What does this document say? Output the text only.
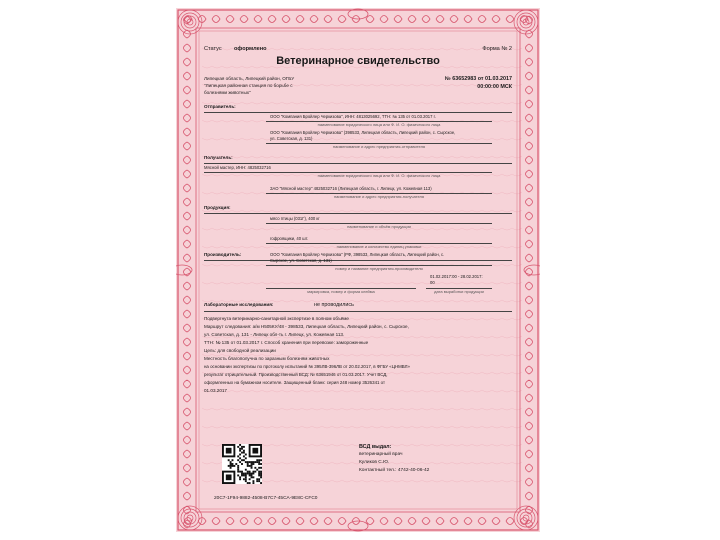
Статус оформлено	Форма № 2
Ветеринарное свидетельство
Липецкая область, Липецкий район, ОГБУ
"Липецкая районная станция по борьбе с
болезнями животных"
№ 63652983 от 01.03.2017
00:00:00 МСК
Отправитель:
ООО "Компания Бройлер Черкизова", ИНН: 4813025692, ТТН: № 135 от 01.03.2017 г.
наименование юридического лица или Ф. И. О. физического лица
ООО "Компания Бройлер Черкизова" (398533, Липецкая область, Липецкий район, с. Сырское,
ул. Советская, д. 131)
наименование и адрес предприятия-отправителя
Получатель:
Мясной мастер, ИНН: 4825032716
наименование юридического лица или Ф. И. О. физического лица
ЗАО "Мясной мастер" 4825032716 (Липецкая область, г. Липецк, ул. Кожевная 113)
наименование и адрес предприятия-получателя
Продукция:
мясо птицы (031Г), 400 кг
наименование и объём продукции
гофроящики, 40 шт.
наименование и количество единиц упаковки
Производитель:	ООО "Компания Бройлер Черкизова" (РФ, 398533, Липецкая область, Липецкий район, с.
Сырское, ул. Советская, д. 131)
номер и название предприятия-производителя
01.02.2017:00 - 28.02.2017:
00
маркировка, номер и форма клейма	дата выработки продукции
Лабораторные исследования:	не проводились
Подвергнута ветеринарно-санитарной экспертизе в полном объёме
Маршрут следования: а/м Н505КУ/48 - 398533, Липецкая область, Липецкий район, с. Сырское,
ул. Советская, д. 131 - Липецк обл-ть г. Липецк, ул. Кожевная 113.
ТТН: № 135 от 01.03.2017 г. Способ хранения при перевозке: замороженные
Цель: для свободной реализации
Местность благополучна по заразным болезням животных
на основании экспертизы по протоколу испытаний № 395ЛВ-396ЛВ от 20.02.2017, в ФГБУ «ЦНМВЛ»
результат отрицательный. Производственный ВСД: № 63651946 от 01.03.2017. Учет ВСД,
оформленных на бумажном носителе. Защищенный бланк: серия 248 номер 3526341 от
01.03.2017
ВСД выдал:
ветеринарный врач
Куликов С.Ю.
Контактный тел.: 4742-40-06-42
20C7-1F94-9882-4508-B7C7-45CA-9E8C-CFC0
